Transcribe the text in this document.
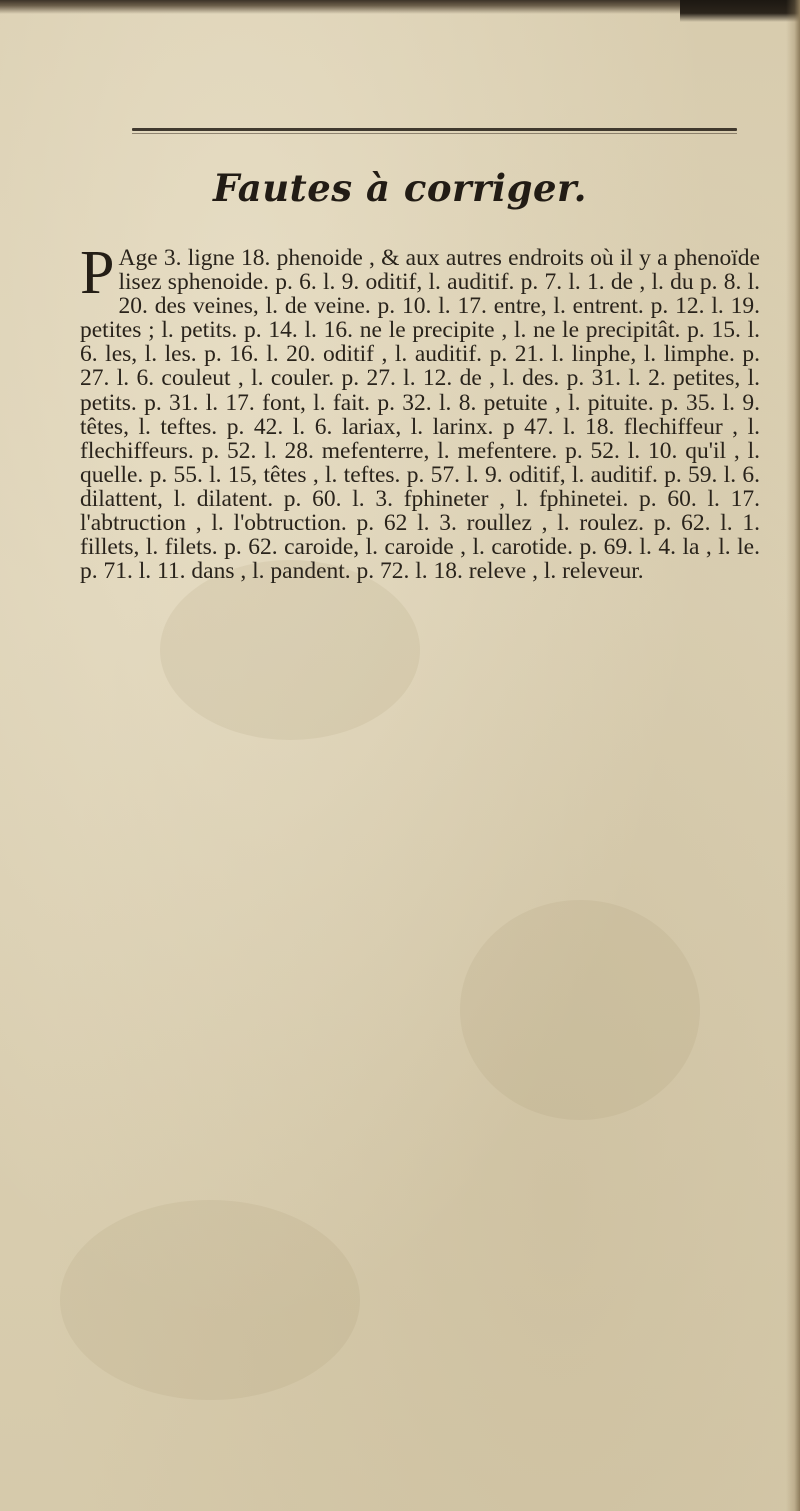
Fautes à corriger.
P Age 3. ligne 18. phenoide , & aux autres endroits où il y a phenoïde lisez sphenoide. p. 6. l. 9. oditif, l. auditif. p. 7. l. 1. de , l. du p. 8. l. 20. des veines, l. de veine. p. 10. l. 17. entre, l. entrent. p. 12. l. 19. petites ; l. petits. p. 14. l. 16. ne le precipite , l. ne le precipitât. p. 15. l. 6. les, l. les. p. 16. l. 20. oditif , l. auditif. p. 21. l. linphe, l. limphe. p. 27. l. 6. couleut , l. couler. p. 27. l. 12. de , l. des. p. 31. l. 2. petites, l. petits. p. 31. l. 17. font, l. fait. p. 32. l. 8. petuite , l. pituite. p. 35. l. 9. têtes, l. teftes. p. 42. l. 6. lariax, l. larinx. p 47. l. 18. flechiffeur , l. flechiffeurs. p. 52. l. 28. mefenterre, l. mefentere. p. 52. l. 10. qu'il , l. quelle. p. 55. l. 15, têtes , l. teftes. p. 57. l. 9. oditif, l. auditif. p. 59. l. 6. dilattent, l. dilatent. p. 60. l. 3. fphineter , l. fphinetei. p. 60. l. 17. l'abtruction , l. l'obtruction. p. 62 l. 3. roullez , l. roulez. p. 62. l. 1. fillets, l. filets. p. 62. caroide, l. caroide , l. carotide. p. 69. l. 4. la , l. le. p. 71. l. 11. dans , l. pandent. p. 72. l. 18. releve , l. releveur.
